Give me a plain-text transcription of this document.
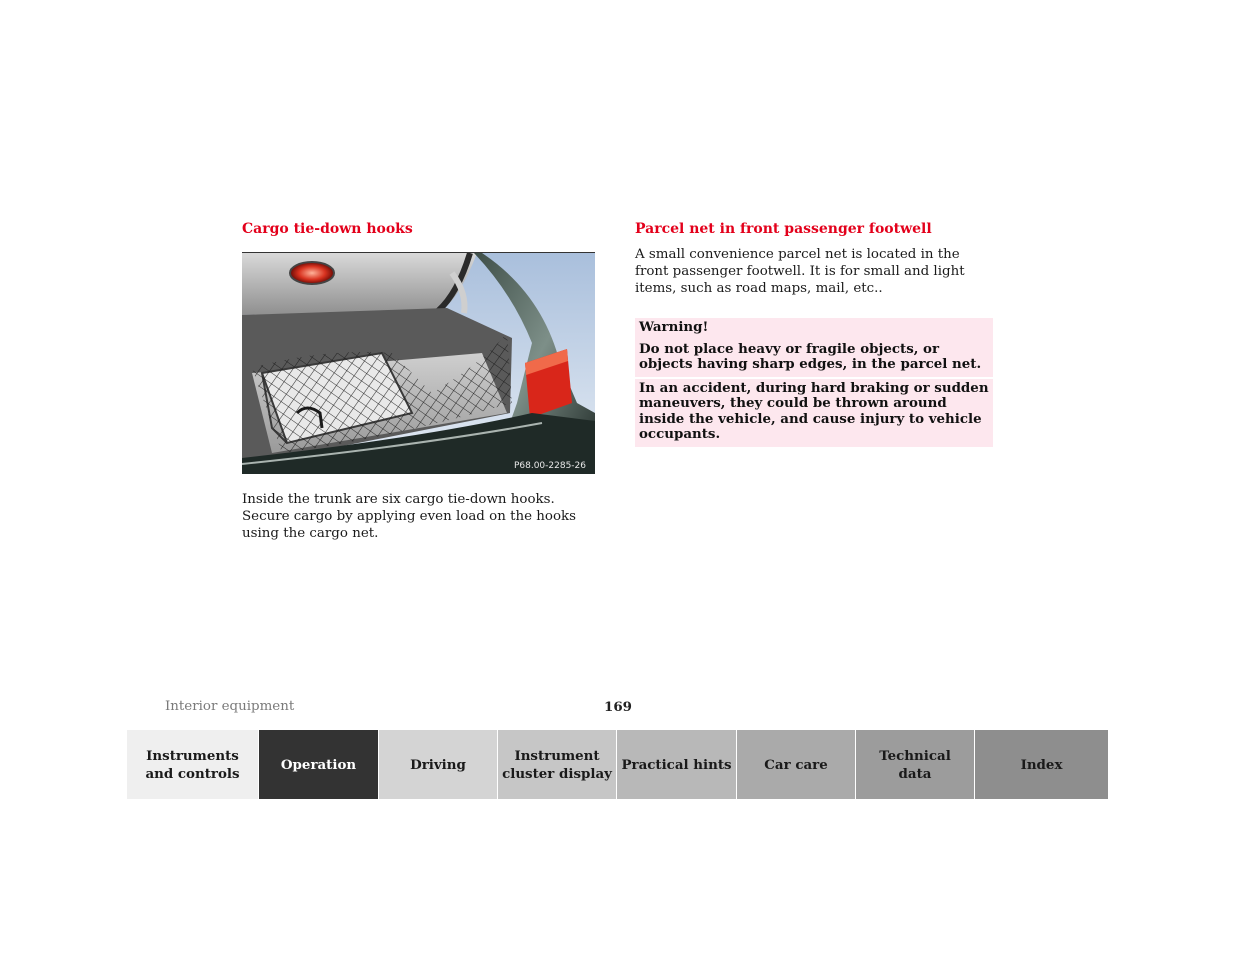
Cargo tie-down hooks
P68.00-2285-26

Inside the trunk are six cargo tie-down hooks. Secure cargo by applying even load on the hooks using the cargo net.

Parcel net in front passenger footwell

A small convenience parcel net is located in the front passenger footwell. It is for small and light items, such as road maps, mail, etc..

Warning!
Do not place heavy or fragile objects, or objects having sharp edges, in the parcel net.
In an accident, during hard braking or sudden maneuvers, they could be thrown around inside the vehicle, and cause injury to vehicle occupants.
Interior equipment	169
Instruments
and controls
Operation	Driving
Instrument
cluster display
Practical hints	Car care
Technical
data
Index
